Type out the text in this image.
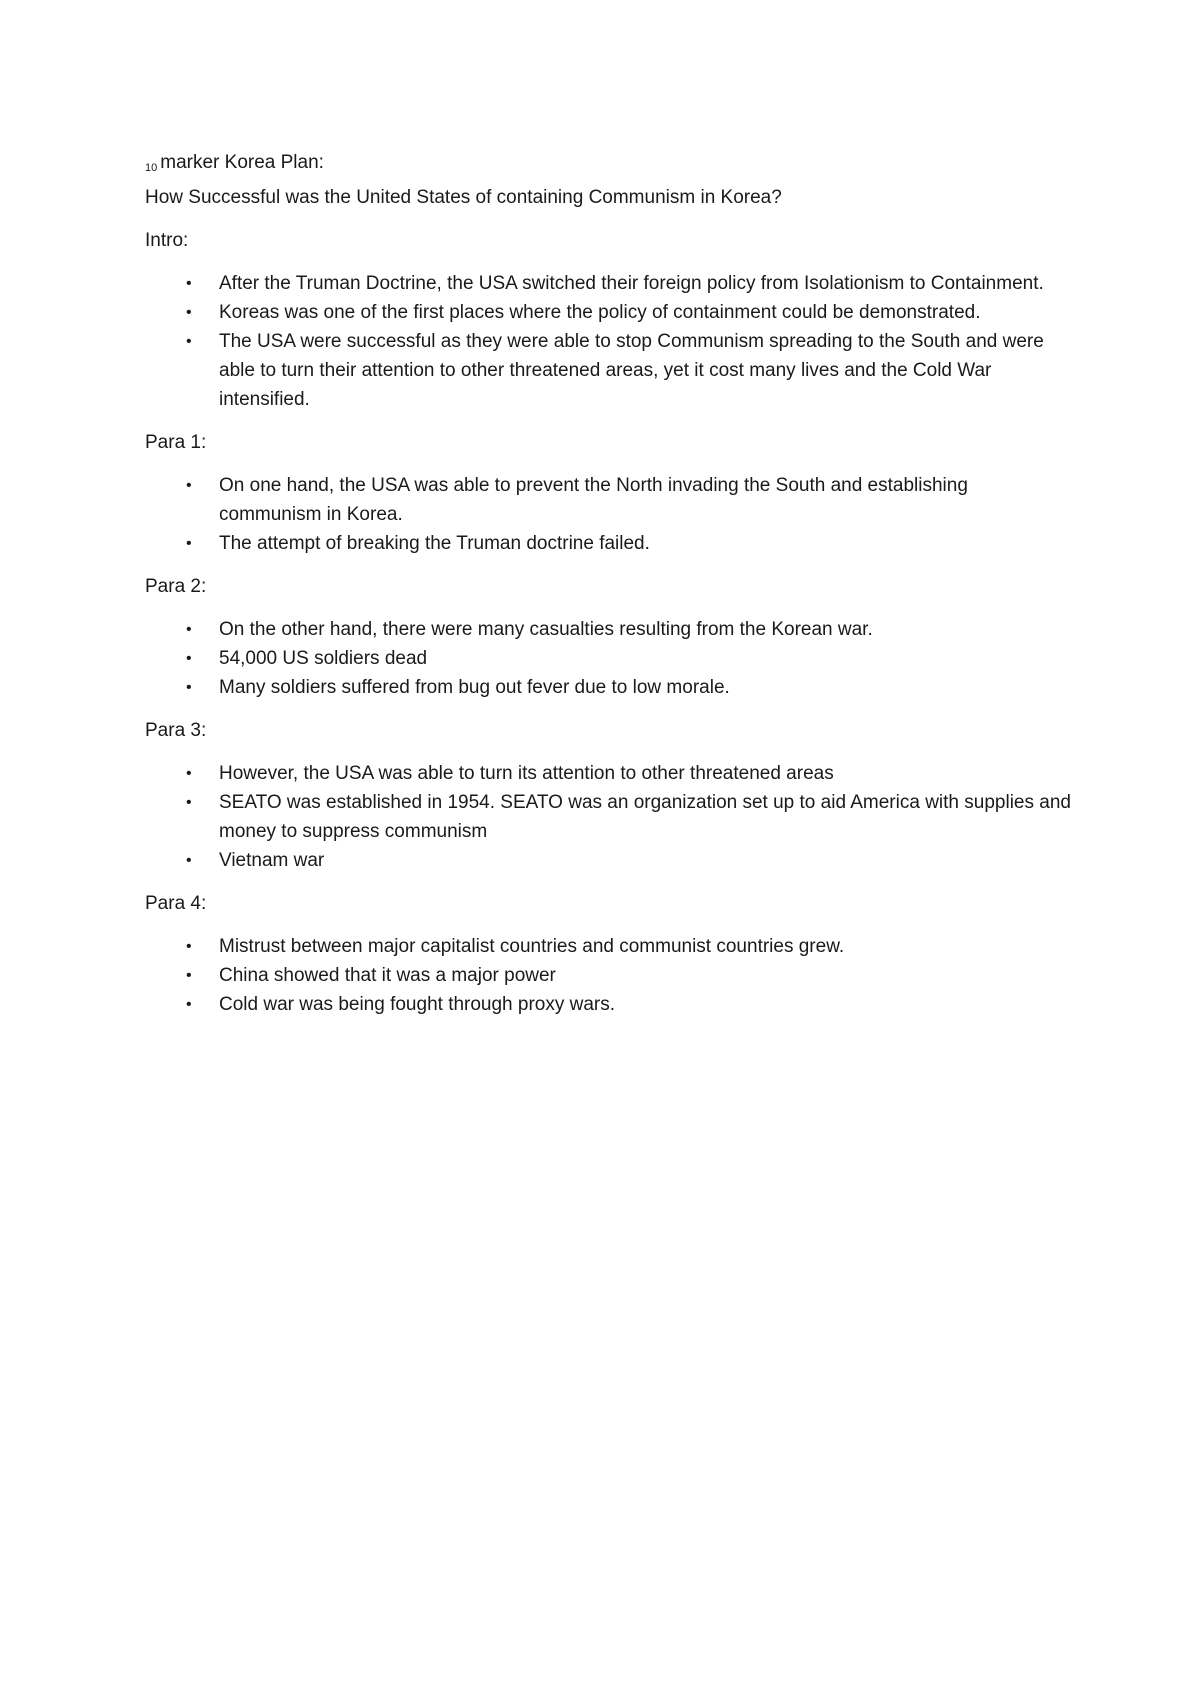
10 marker Korea Plan:

How Successful was the United States of containing Communism in Korea?

Intro:

• After the Truman Doctrine, the USA switched their foreign policy from Isolationism to Containment.
• Koreas was one of the first places where the policy of containment could be demonstrated.
• The USA were successful as they were able to stop Communism spreading to the South and were able to turn their attention to other threatened areas, yet it cost many lives and the Cold War intensified.

Para 1:

• On one hand, the USA was able to prevent the North invading the South and establishing communism in Korea.
• The attempt of breaking the Truman doctrine failed.

Para 2:

• On the other hand, there were many casualties resulting from the Korean war.
• 54,000 US soldiers dead
• Many soldiers suffered from bug out fever due to low morale.

Para 3:

• However, the USA was able to turn its attention to other threatened areas
• SEATO was established in 1954. SEATO was an organization set up to aid America with supplies and money to suppress communism
• Vietnam war

Para 4:

• Mistrust between major capitalist countries and communist countries grew.
• China showed that it was a major power
• Cold war was being fought through proxy wars.
